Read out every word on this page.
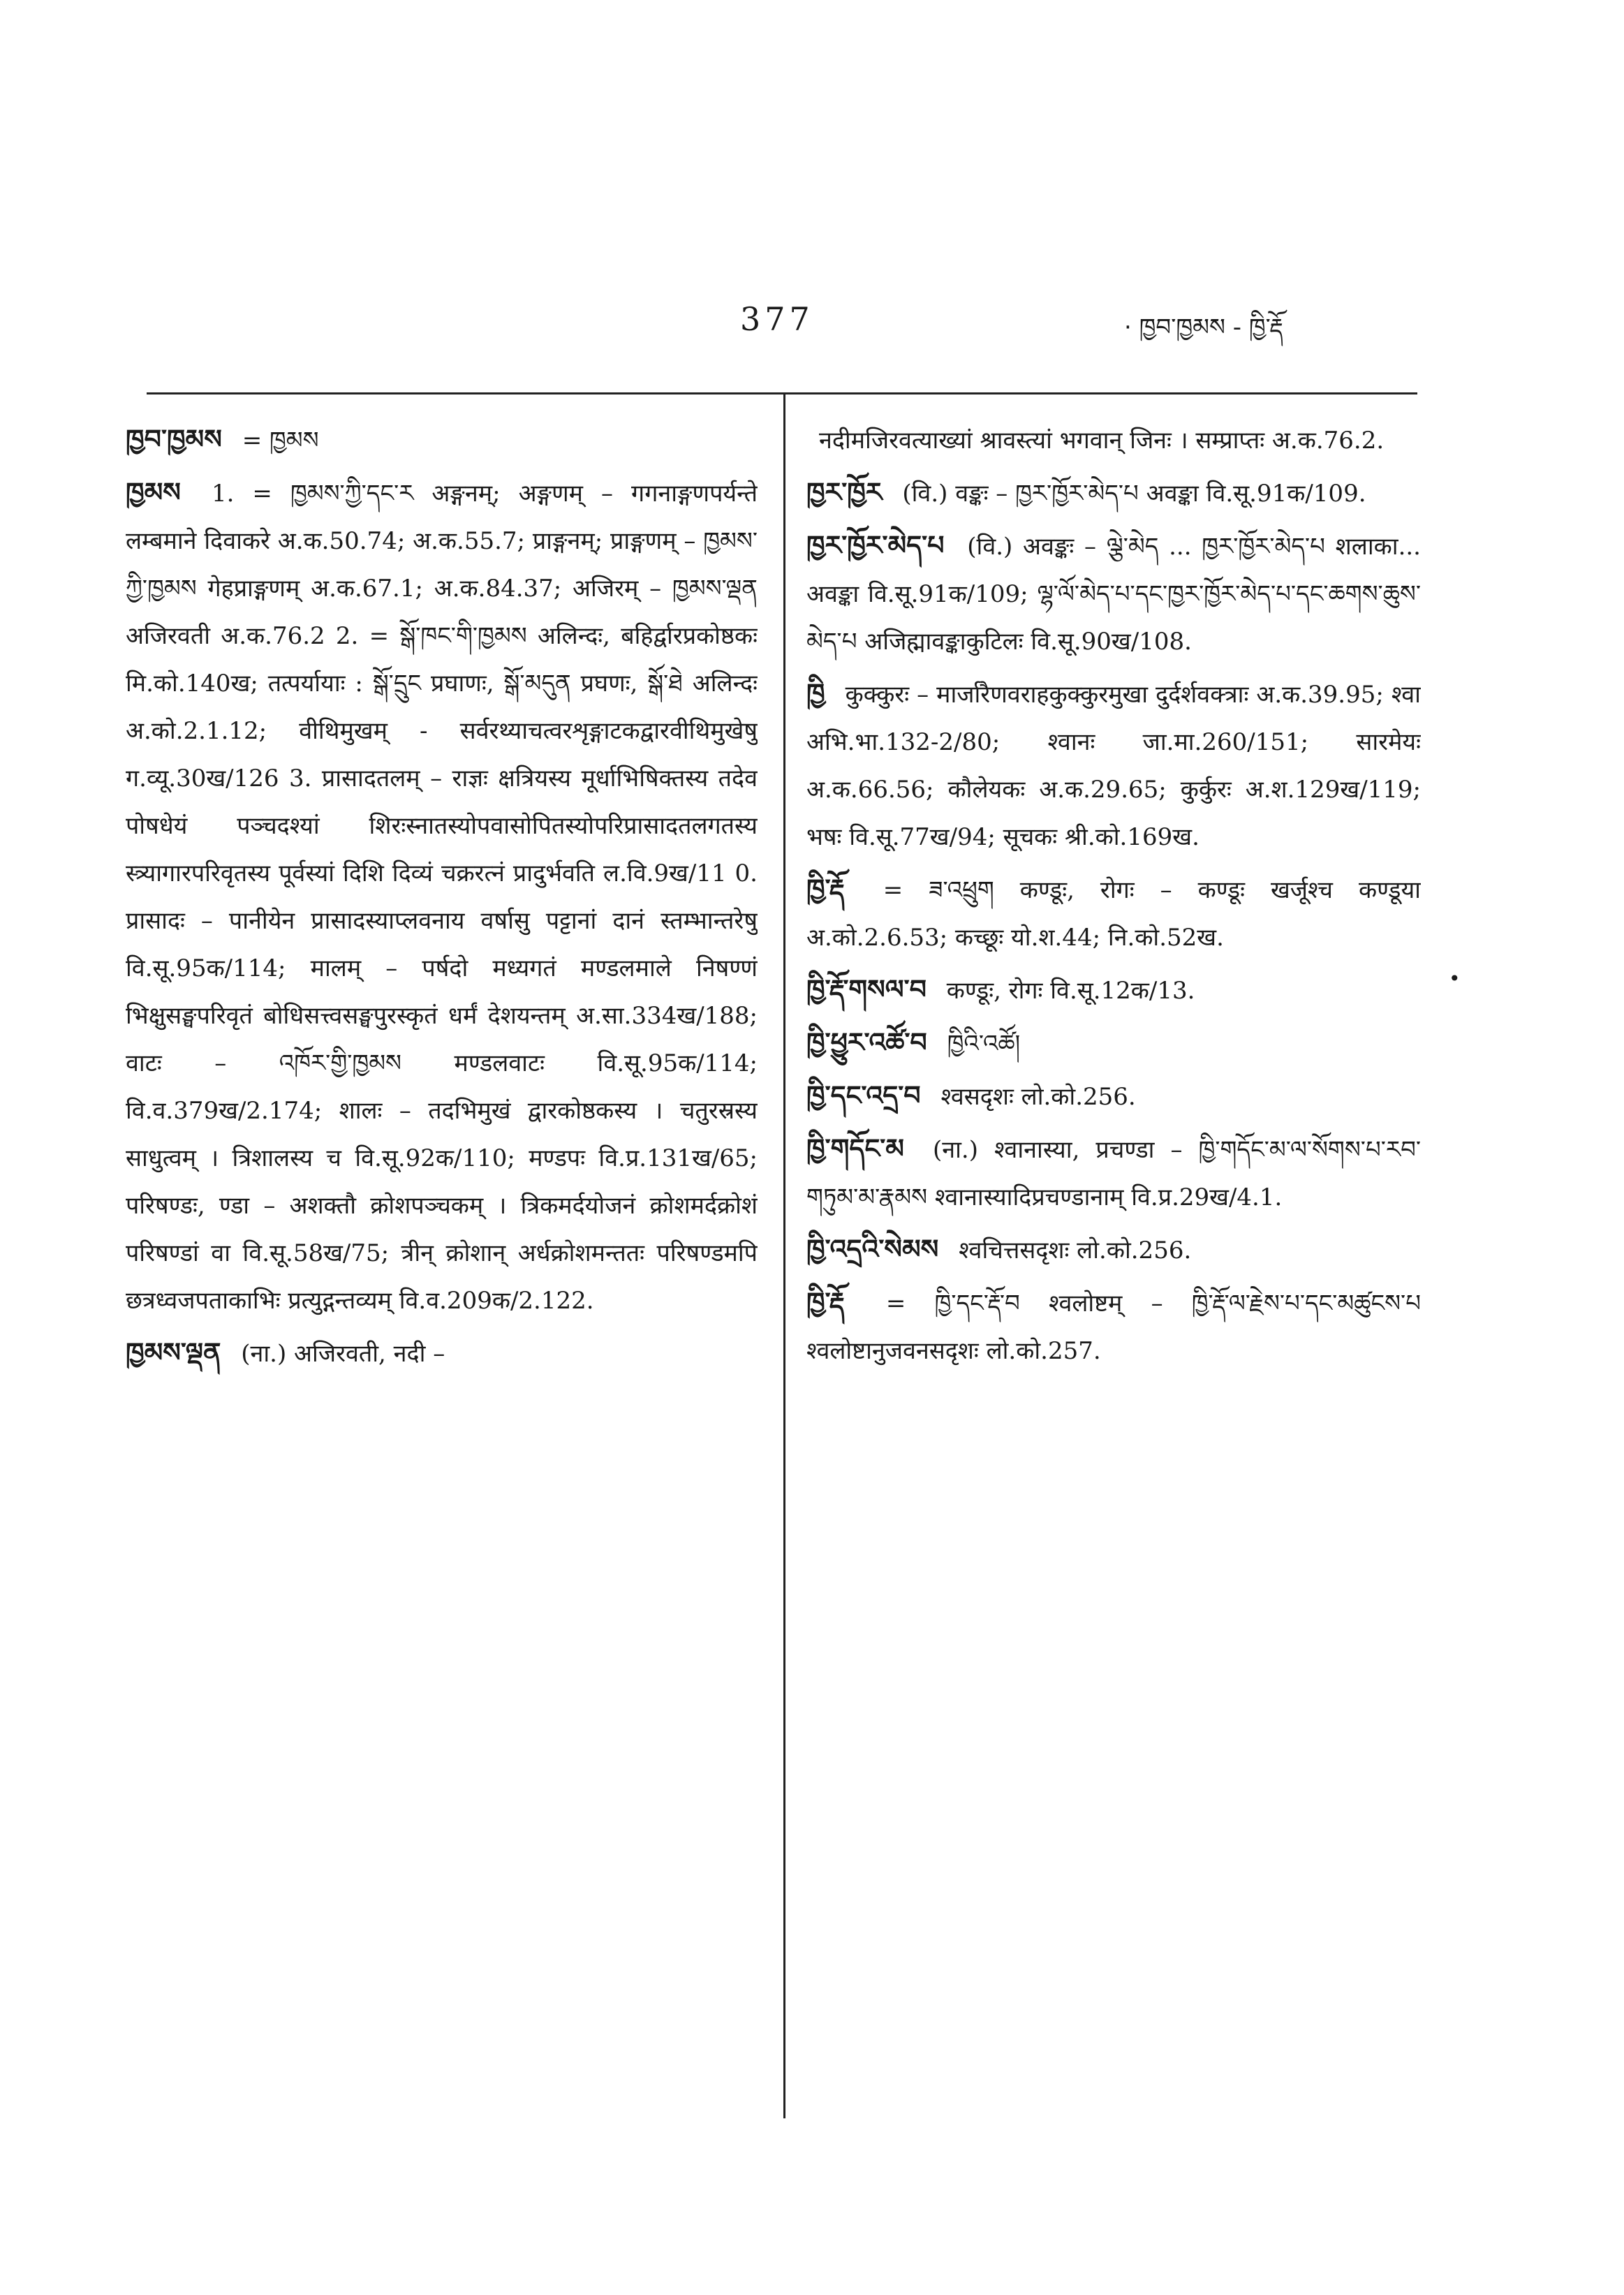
377	· ཁྱབ་ཁྱམས - ཁྱི་རྡོ
ཁྱབ་ཁྱམས = ཁྱམས
ཁྱམས 1. = ཁྱམས་ཀྱི་དང་ར अङ्गनम्; अङ्गणम् – गगनाङ्गणपर्यन्ते लम्बमाने दिवाकरे अ.क.50.74; अ.क.55.7; प्राङ्गनम्; प्राङ्गणम् – ཁྱམས་ཀྱི་ཁྱམས गेहप्राङ्गणम् अ.क.67.1; अ.क.84.37; अजिरम् – ཁྱམས་ལྡན अजिरवती अ.क.76.2 2. = སྒོ་ཁང་གི་ཁྱམས अलिन्दः, बहिर्द्वारप्रकोष्ठकः मि.को.140ख; तत्पर्यायाः : སྒོ་དྲུང प्रघाणः, སྒོ་མདུན प्रघणः, སྒོ་ཐེ अलिन्दः अ.को.2.1.12; वीथिमुखम् - सर्वरथ्याचत्वरशृङ्गाटकद्वारवीथिमुखेषु ग.व्यू.30ख/126 3. प्रासादतलम् – राज्ञः क्षत्रियस्य मूर्धाभिषिक्तस्य तदेव पोषधेयं पञ्चदश्यां शिरःस्नातस्योपवासोपितस्योपरिप्रासादतलगतस्य स्त्र्यागारपरिवृतस्य पूर्वस्यां दिशि दिव्यं चक्ररत्नं प्रादुर्भवति ल.वि.9ख/11 0. प्रासादः – पानीयेन प्रासादस्याप्लवनाय वर्षासु पट्टानां दानं स्तम्भान्तरेषु वि.सू.95क/114; मालम् – पर्षदो मध्यगतं मण्डलमाले निषण्णं भिक्षुसङ्घपरिवृतं बोधिसत्त्वसङ्घपुरस्कृतं धर्मं देशयन्तम् अ.सा.334ख/188; वाटः – འཁོར་གྱི་ཁྱམས मण्डलवाटः वि.सू.95क/114; वि.व.379ख/2.174; शालः – तदभिमुखं द्वारकोष्ठकस्य । चतुरस्रस्य साधुत्वम् । त्रिशालस्य च वि.सू.92क/110; मण्डपः वि.प्र.131ख/65; परिषण्डः, ण्डा – अशक्तौ क्रोशपञ्चकम् । त्रिकमर्दयोजनं क्रोशमर्दक्रोशं परिषण्डां वा वि.सू.58ख/75; त्रीन् क्रोशान् अर्धक्रोशमन्ततः परिषण्डमपि छत्रध्वजपताकाभिः प्रत्युद्गन्तव्यम् वि.व.209क/2.122.
ཁྱམས་ལྡན (ना.) अजिरवती, नदी –
नदीमजिरवत्याख्यां श्रावस्त्यां भगवान् जिनः । सम्प्राप्तः अ.क.76.2.
ཁྱར་ཁྱོར (वि.) वङ्कः – ཁྱར་ཁྱོར་མེད་པ अवङ्का वि.सू.91क/109.
ཁྱར་ཁྱོར་མེད་པ (वि.) अवङ्कः – ལྕེ་མེད ... ཁྱར་ཁྱོར་མེད་པ शलाका... अवङ्का वि.सू.91क/109; ལྷ་ལོ་མེད་པ་དང་ཁྱར་ཁྱོར་མེད་པ་དང་ཆགས་ཆུས་མེད་པ अजिह्मावङ्काकुटिलः वि.सू.90ख/108.
ཁྱི कुक्कुरः – मार्जारैणवराहकुक्कुरमुखा दुर्दर्शवक्त्राः अ.क.39.95; श्वा अभि.भा.132-2/80; श्वानः जा.मा.260/151; सारमेयः अ.क.66.56; कौलेयकः अ.क.29.65; कुर्कुरः अ.श.129ख/119; भषः वि.सू.77ख/94; सूचकः श्री.को.169ख.
ཁྱི་རྡོ = ཟ་འཕྲུག कण्डूः, रोगः – कण्डूः खर्जूश्च कण्डूया अ.को.2.6.53; कच्छूः यो.श.44; नि.को.52ख.
ཁྱི་རྡོ་གསལ་བ कण्डूः, रोगः वि.सू.12क/13.
ཁྱི་ཕྱུར་འཚོ་བ ཁྱིའི་འཚོ།
ཁྱི་དང་འདྲ་བ श्वसदृशः लो.को.256.
ཁྱི་གདོང་མ (ना.) श्वानास्या, प्रचण्डा – ཁྱི་གདོང་མ་ལ་སོགས་པ་རབ་གཏུམ་མ་རྣམས श्वानास्यादिप्रचण्डानाम् वि.प्र.29ख/4.1.
ཁྱི་འདྲའི་སེམས श्वचित्तसदृशः लो.को.256.
ཁྱི་རྡོ = ཁྱི་དང་རྡོ་བ श्वलोष्टम् – ཁྱི་རྡོ་ལ་རྗེས་པ་དང་མཚུངས་པ श्वलोष्टानुजवनसदृशः लो.को.257.
•
